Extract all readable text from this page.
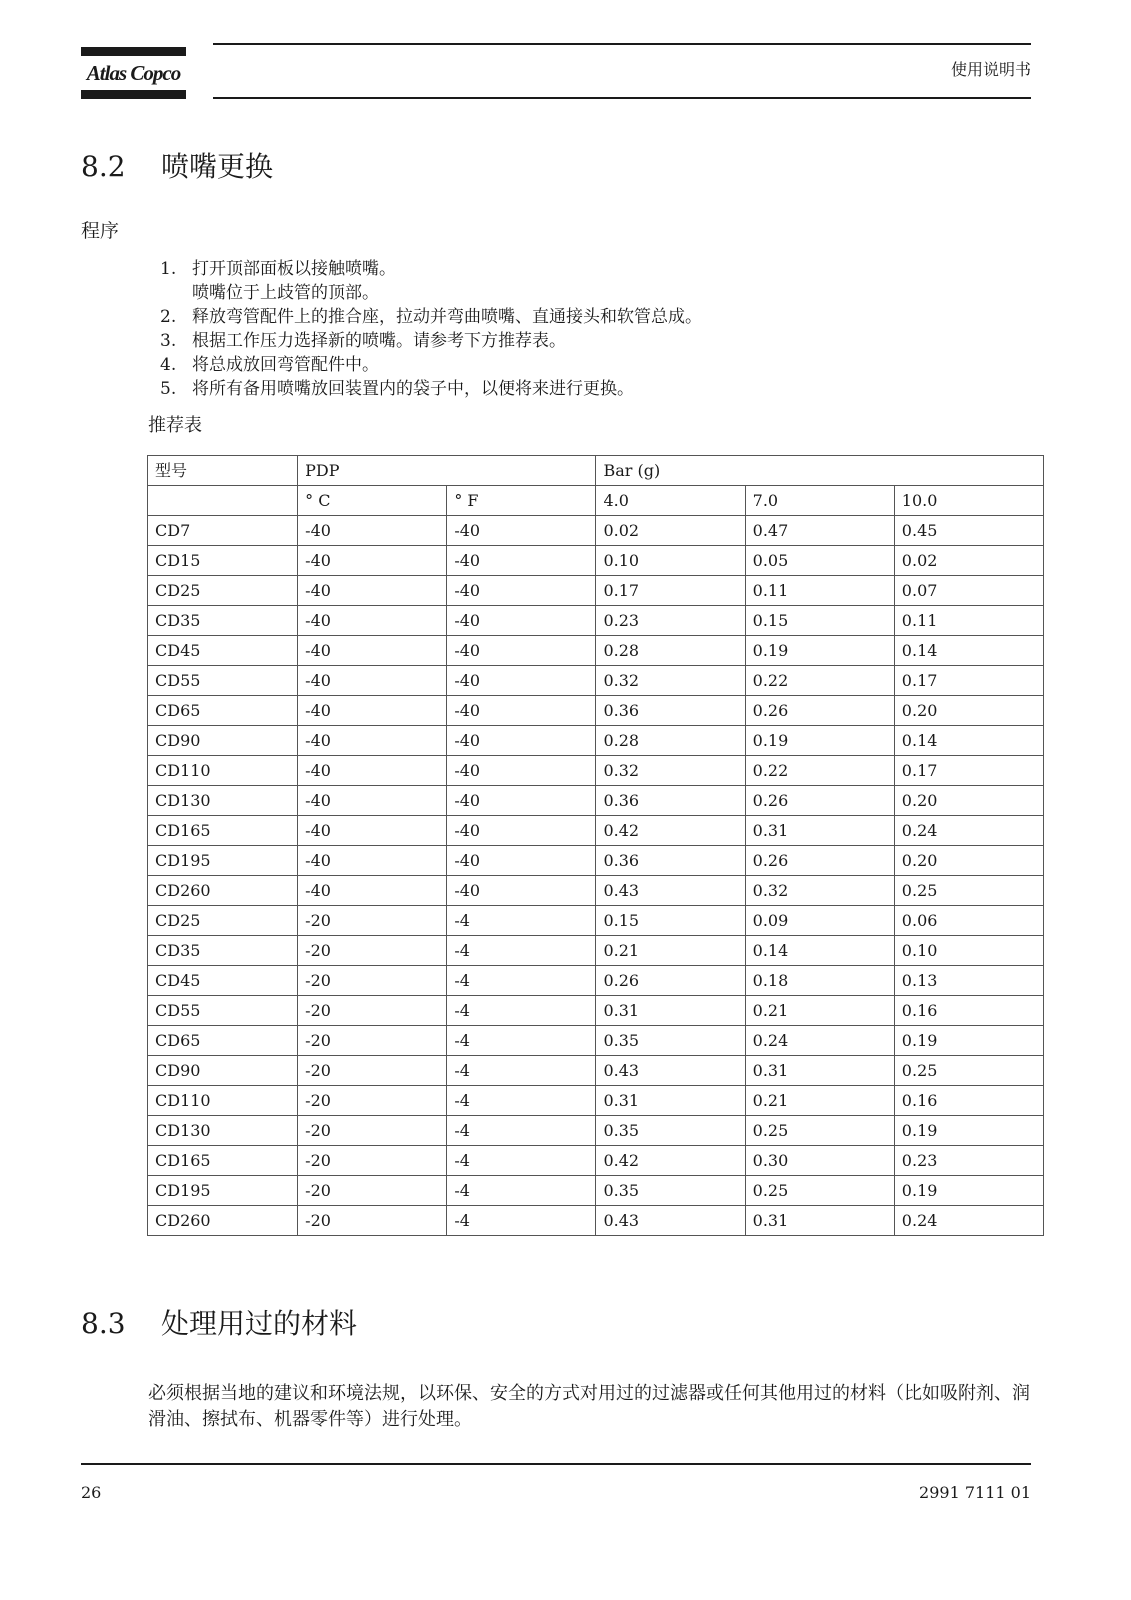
Atlas Copco	使用说明书
8.2 喷嘴更换
程序
1. 打开顶部面板以接触喷嘴。
喷嘴位于上歧管的顶部。
2. 释放弯管配件上的推合座，拉动并弯曲喷嘴、直通接头和软管总成。
3. 根据工作压力选择新的喷嘴。请参考下方推荐表。
4. 将总成放回弯管配件中。
5. 将所有备用喷嘴放回装置内的袋子中，以便将来进行更换。
推荐表
型号	PDP		Bar (g)		
	° C	° F	4.0	7.0	10.0
CD7	-40	-40	0.02	0.47	0.45
CD15	-40	-40	0.10	0.05	0.02
CD25	-40	-40	0.17	0.11	0.07
CD35	-40	-40	0.23	0.15	0.11
CD45	-40	-40	0.28	0.19	0.14
CD55	-40	-40	0.32	0.22	0.17
CD65	-40	-40	0.36	0.26	0.20
CD90	-40	-40	0.28	0.19	0.14
CD110	-40	-40	0.32	0.22	0.17
CD130	-40	-40	0.36	0.26	0.20
CD165	-40	-40	0.42	0.31	0.24
CD195	-40	-40	0.36	0.26	0.20
CD260	-40	-40	0.43	0.32	0.25
CD25	-20	-4	0.15	0.09	0.06
CD35	-20	-4	0.21	0.14	0.10
CD45	-20	-4	0.26	0.18	0.13
CD55	-20	-4	0.31	0.21	0.16
CD65	-20	-4	0.35	0.24	0.19
CD90	-20	-4	0.43	0.31	0.25
CD110	-20	-4	0.31	0.21	0.16
CD130	-20	-4	0.35	0.25	0.19
CD165	-20	-4	0.42	0.30	0.23
CD195	-20	-4	0.35	0.25	0.19
CD260	-20	-4	0.43	0.31	0.24
8.3 处理用过的材料
必须根据当地的建议和环境法规，以环保、安全的方式对用过的过滤器或任何其他用过的材料（比如吸附剂、润滑油、擦拭布、机器零件等）进行处理。
26	2991 7111 01
